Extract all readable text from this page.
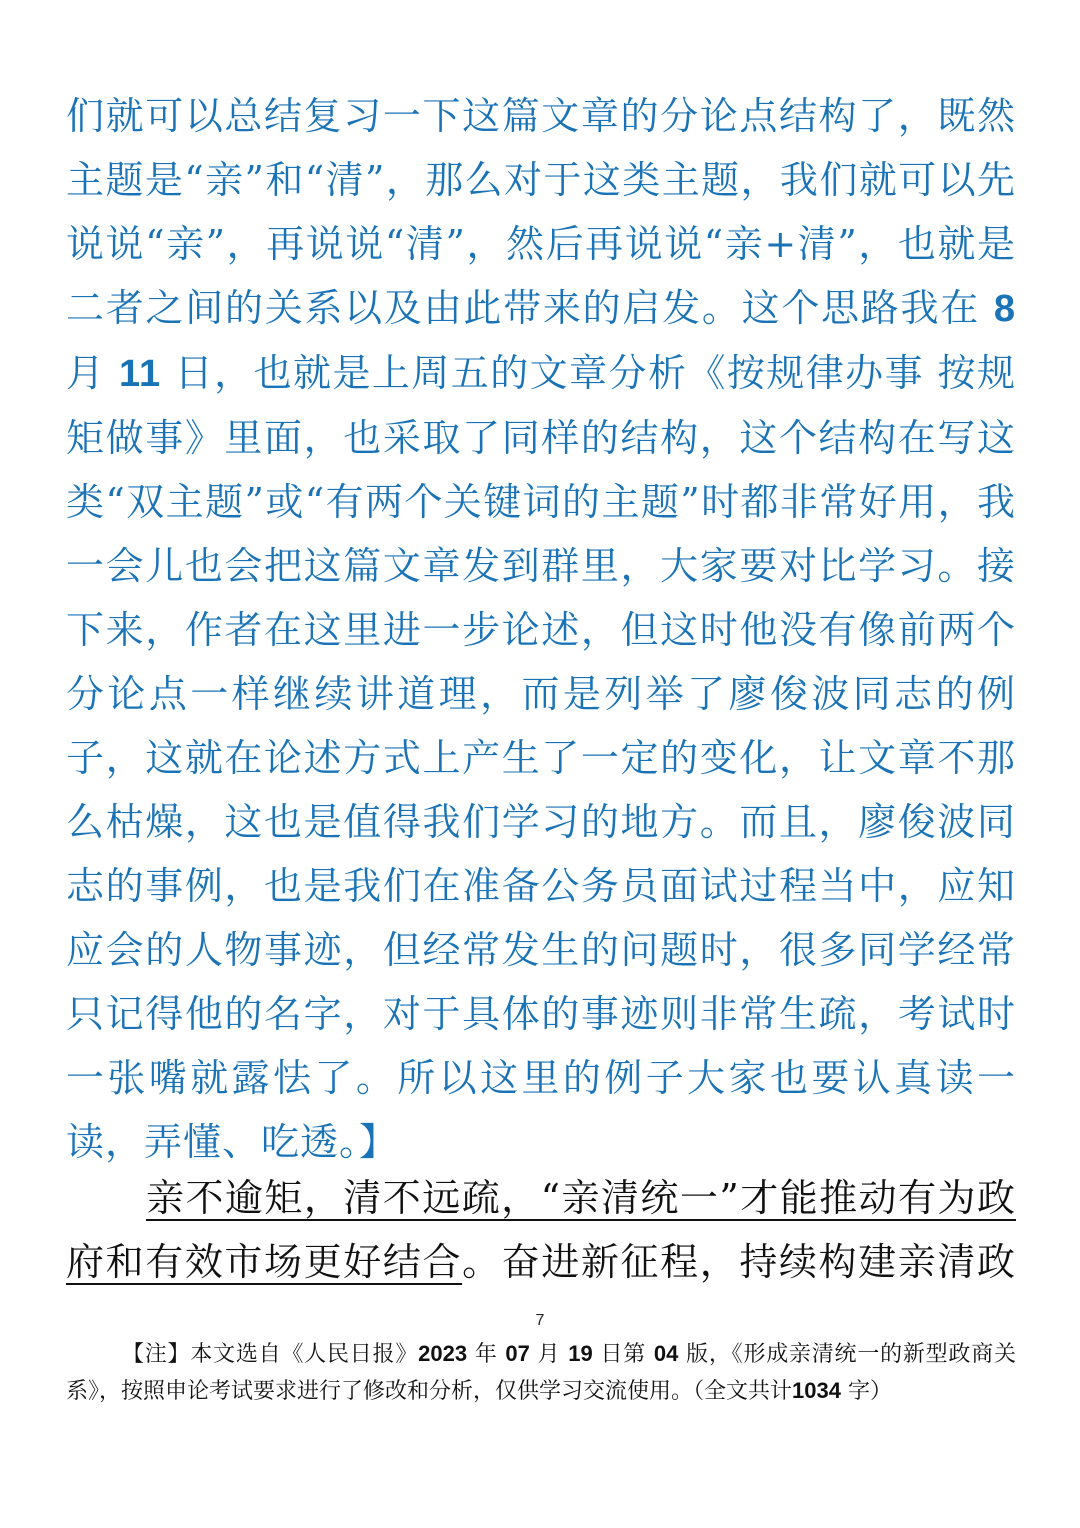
们就可以总结复习一下这篇文章的分论点结构了，既然主题是“亲”和“清”，那么对于这类主题，我们就可以先说说“亲”，再说说“清”，然后再说说“亲+清”，也就是二者之间的关系以及由此带来的启发。这个思路我在 8 月 11 日，也就是上周五的文章分析《按规律办事 按规矩做事》里面，也采取了同样的结构，这个结构在写这类“双主题”或“有两个关键词的主题”时都非常好用，我一会儿也会把这篇文章发到群里，大家要对比学习。接下来，作者在这里进一步论述，但这时他没有像前两个分论点一样继续讲道理，而是列举了廖俊波同志的例子，这就在论述方式上产生了一定的变化，让文章不那么枯燥，这也是值得我们学习的地方。而且，廖俊波同志的事例，也是我们在准备公务员面试过程当中，应知应会的人物事迹，但经常发生的问题时，很多同学经常只记得他的名字，对于具体的事迹则非常生疏，考试时一张嘴就露怯了。所以这里的例子大家也要认真读一读，弄懂、吃透。】

亲不逾矩，清不远疏，“亲清统一”才能推动有为政府和有效市场更好结合。奋进新征程，持续构建亲清政

7

【注】本文选自《人民日报》2023 年 07 月 19 日第 04 版，《形成亲清统一的新型政商关系》，按照申论考试要求进行了修改和分析，仅供学习交流使用。（全文共计1034 字）
